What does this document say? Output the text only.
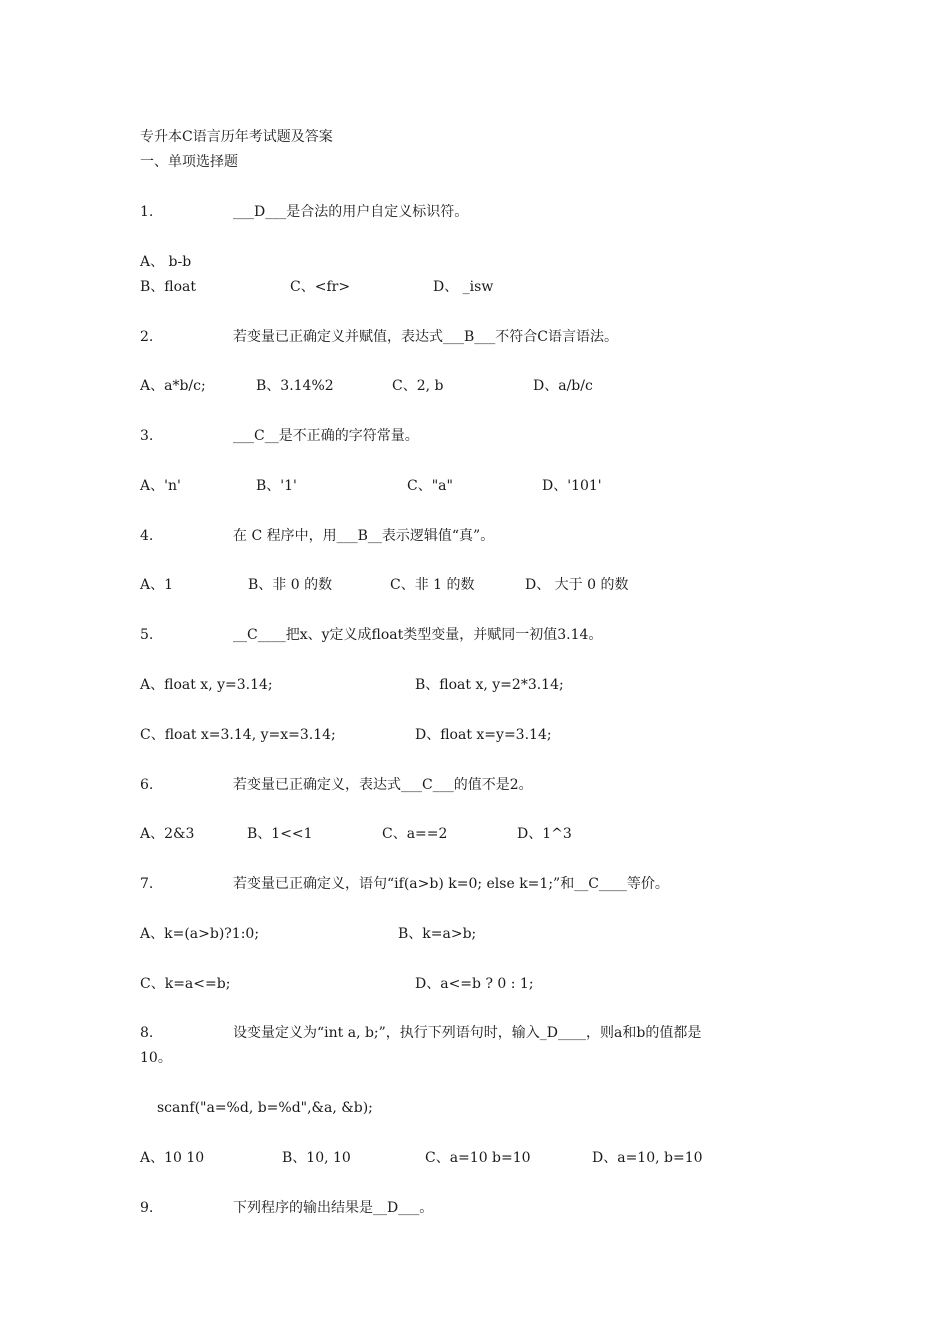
专升本C语言历年考试题及答案
一、单项选择题
1.	___D___是合法的用户自定义标识符。
A、 b-b
B、float	C、<fr>	D、 _isw
2.	若变量已正确定义并赋值，表达式___B___不符合C语言语法。
A、a*b/c;	B、3.14%2	C、2, b	D、a/b/c
3.	___C__是不正确的字符常量。
A、'n'	B、'1'	C、"a"	D、'101'
4.	在 C 程序中，用___B__表示逻辑值“真”。
A、1	B、非 0 的数	C、非 1 的数	D、 大于 0 的数
5.	__C____把x、y定义成float类型变量，并赋同一初值3.14。
A、float x, y=3.14;	B、float x, y=2*3.14;
C、float x=3.14, y=x=3.14;	D、float x=y=3.14;
6.	若变量已正确定义，表达式___C___的值不是2。
A、2&3	B、1<<1	C、a==2	D、1^3
7.	若变量已正确定义，语句“if(a>b) k=0; else k=1;”和__C____等价。
A、k=(a>b)?1:0;	B、k=a>b;
C、k=a<=b;	D、a<=b ? 0 : 1;
8.	设变量定义为“int a, b;”，执行下列语句时，输入_D____，则a和b的值都是
10。
scanf("a=%d, b=%d",&a, &b);
A、10 10	B、10, 10	C、a=10 b=10	D、a=10, b=10
9.	下列程序的输出结果是__D___。
